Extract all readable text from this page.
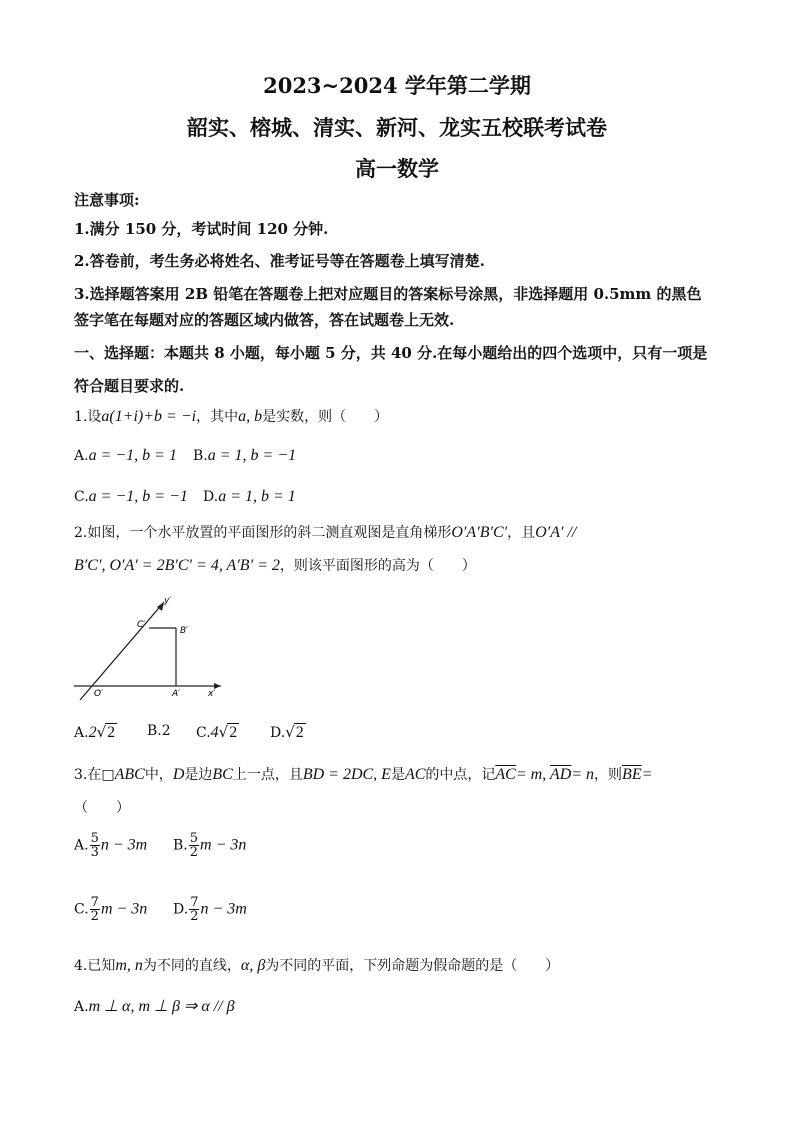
2023~2024 学年第二学期
韶实、榕城、清实、新河、龙实五校联考试卷
高一数学
注意事项:
1.满分 150 分，考试时间 120 分钟.
2.答卷前，考生务必将姓名、准考证号等在答题卷上填写清楚.
3.选择题答案用 2B 铅笔在答题卷上把对应题目的答案标号涂黑，非选择题用 0.5mm 的黑色
签字笔在每题对应的答题区域内做答，答在试题卷上无效.
一、选择题：本题共 8 小题，每小题 5 分，共 40 分.在每小题给出的四个选项中，只有一项是
符合题目要求的.
1.设a(1+i)+b = −i，其中a, b是实数，则（　　）
A.a = −1, b = 1 B.a = 1, b = −1
C.a = −1, b = −1 D.a = 1, b = 1
2.如图，一个水平放置的平面图形的斜二测直观图是直角梯形O′A′B′C′，且O′A′ //
B′C′, O′A′ = 2B′C′ = 4, A′B′ = 2，则该平面图形的高为（　　）
y′
C′
B′
O′	A′	x′
A.2√2 B.2 C.4√2 D.√2
3.在□ABC中，D是边BC上一点，且BD = 2DC, E是AC的中点，记$\overline{AC}= m$, $\overline{AD}= n$，则$\overline{BE}=$
（　　）
A. $\frac{5}{3}$ n − 3m B. $\frac{5}{2}$ m − 3n
C. $\frac{7}{2}$ m − 3n D. $\frac{7}{2}$ n − 3m
4.已知m, n为不同的直线，α, β为不同的平面，下列命题为假命题的是（　　）
A.m ⊥ α, m ⊥ β ⇒ α // β
